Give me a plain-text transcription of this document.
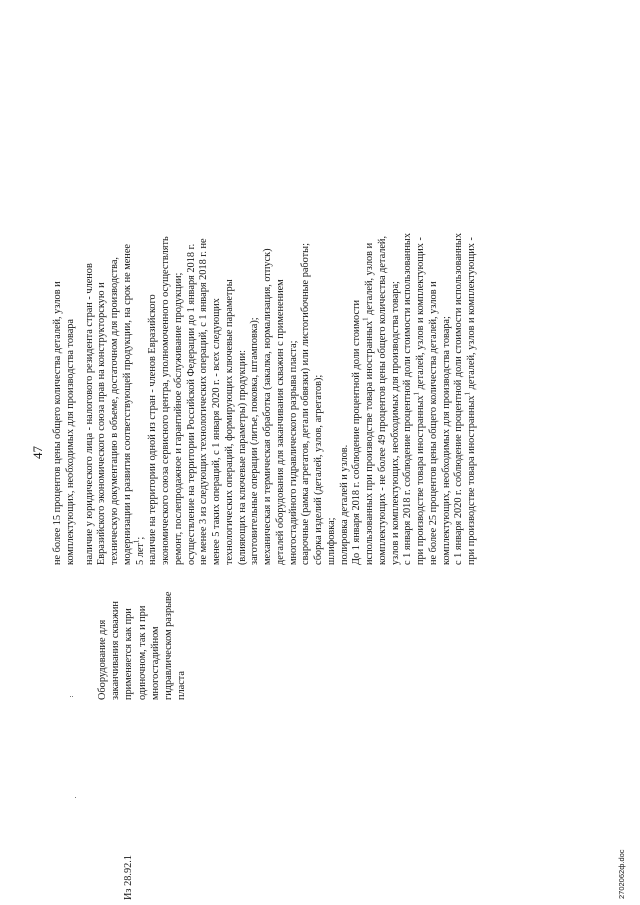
47
Из 28.92.1
Оборудование для заканчивания скважин применяется как при одиночном, так и при многостадийном гидравлическом разрыве пласта
не более 15 процентов цены общего количества деталей, узлов и комплектующих, необходимых для производства товара наличие у юридического лица - налогового резидента стран - членов Евразийского экономического союза прав на конструкторскую и техническую документацию в объеме, достаточном для производства, модернизации и развития соответствующей продукции, на срок не менее 5 лет$^1$; наличие на территории одной из стран - членов Евразийского экономического союза сервисного центра, уполномоченного осуществлять ремонт, послепродажное и гарантийное обслуживание продукции; осуществление на территории Российской Федерации до 1 января 2018 г. не менее 3 из следующих технологических операций, с 1 января 2018 г. не менее 5 таких операций, с 1 января 2020 г. - всех следующих технологических операций, формирующих ключевые параметры (влияющих на ключевые параметры) продукции: заготовительные операции (литье, поковка, штамповка); механическая и термическая обработка (закалка, нормализация, отпуск) деталей оборудования для заканчивания скважин с применением многостадийного гидравлического разрыва пласта; сварочные (рамка агрегатов, детали обвязки) или листогибочные работы; сборка изделий (деталей, узлов, агрегатов); шлифовка; полировка деталей и узлов. До 1 января 2018 г. соблюдение процентной доли стоимости использованных при производстве товара иностранных$^1$ деталей, узлов и комплектующих - не более 49 процентов цены общего количества деталей, узлов и комплектующих, необходимых для производства товара; с 1 января 2018 г. соблюдение процентной доли стоимости использованных при производстве товара иностранных$^1$ деталей, узлов и комплектующих - не более 25 процентов цены общего количества деталей, узлов и комплектующих, необходимых для производства товара; с 1 января 2020 г. соблюдение процентной доли стоимости использованных при производстве товара иностранных$^1$ деталей, узлов и комплектующих -
2702062ф.doc
